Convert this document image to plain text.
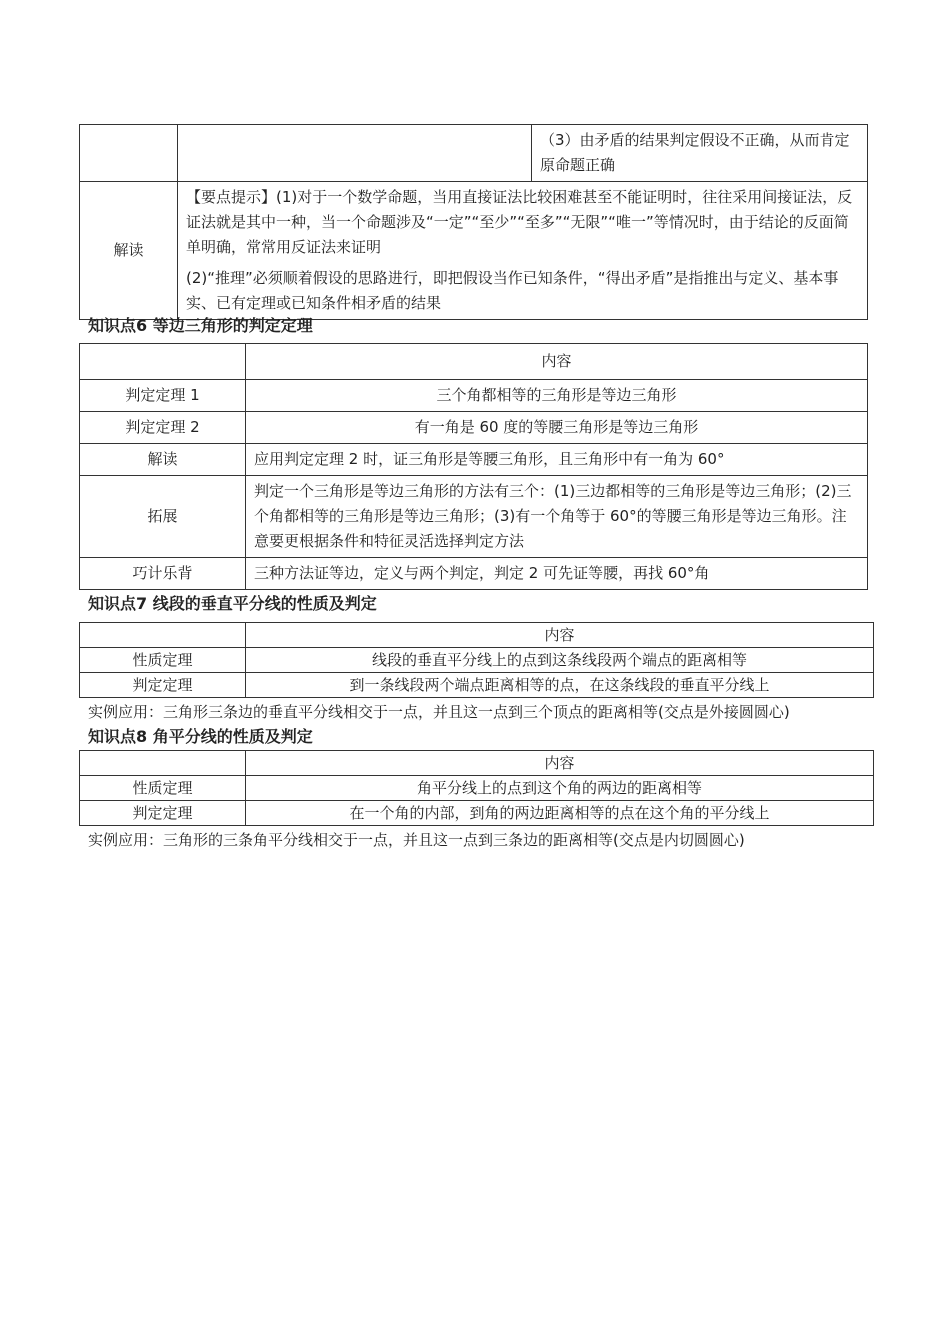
		（3）由矛盾的结果判定假设不正确，从而肯定原命题正确
解读	【要点提示】(1)对于一个数学命题，当用直接证法比较困难甚至不能证明时，往往采用间接证法，反证法就是其中一种，当一个命题涉及“一定”“至少”“至多”“无限”“唯一”等情况时，由于结论的反面简单明确，常常用反证法来证明

(2)“推理”必须顺着假设的思路进行，即把假设当作已知条件，“得出矛盾”是指推出与定义、基本事实、已有定理或已知条件相矛盾的结果	

知识点6 等边三角形的判定定理
	内容
判定定理 1	三个角都相等的三角形是等边三角形
判定定理 2	有一角是 60 度的等腰三角形是等边三角形
解读	应用判定定理 2 时，证三角形是等腰三角形，且三角形中有一角为 60°
拓展	判定一个三角形是等边三角形的方法有三个：(1)三边都相等的三角形是等边三角形；(2)三个角都相等的三角形是等边三角形；(3)有一个角等于 60°的等腰三角形是等边三角形。注意要更根据条件和特征灵活选择判定方法
巧计乐背	三种方法证等边，定义与两个判定，判定 2 可先证等腰，再找 60°角
知识点7 线段的垂直平分线的性质及判定
	内容
性质定理	线段的垂直平分线上的点到这条线段两个端点的距离相等
判定定理	到一条线段两个端点距离相等的点，在这条线段的垂直平分线上

实例应用：三角形三条边的垂直平分线相交于一点，并且这一点到三个顶点的距离相等(交点是外接圆圆心)

知识点8 角平分线的性质及判定
	内容
性质定理	角平分线上的点到这个角的两边的距离相等
判定定理	在一个角的内部，到角的两边距离相等的点在这个角的平分线上

实例应用：三角形的三条角平分线相交于一点，并且这一点到三条边的距离相等(交点是内切圆圆心)
